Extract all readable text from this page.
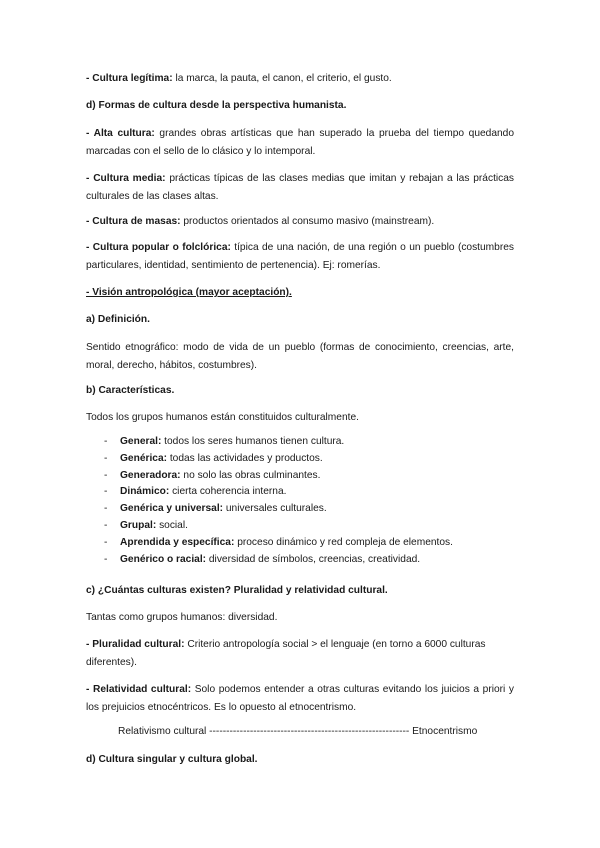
- Cultura legítima: la marca, la pauta, el canon, el criterio, el gusto.

d) Formas de cultura desde la perspectiva humanista.

- Alta cultura: grandes obras artísticas que han superado la prueba del tiempo quedando marcadas con el sello de lo clásico y lo intemporal.

- Cultura media: prácticas típicas de las clases medias que imitan y rebajan a las prácticas culturales de las clases altas.

- Cultura de masas: productos orientados al consumo masivo (mainstream).

- Cultura popular o folclórica: típica de una nación, de una región o un pueblo (costumbres particulares, identidad, sentimiento de pertenencia). Ej: romerías.

- Visión antropológica (mayor aceptación).

a) Definición.

Sentido etnográfico: modo de vida de un pueblo (formas de conocimiento, creencias, arte, moral, derecho, hábitos, costumbres).

b) Características.

Todos los grupos humanos están constituidos culturalmente.

-	General: todos los seres humanos tienen cultura.
-	Genérica: todas las actividades y productos.
-	Generadora: no solo las obras culminantes.
-	Dinámico: cierta coherencia interna.
-	Genérica y universal: universales culturales.
-	Grupal: social.
-	Aprendida y específica: proceso dinámico y red compleja de elementos.
-	Genérico o racial: diversidad de símbolos, creencias, creatividad.

c) ¿Cuántas culturas existen? Pluralidad y relatividad cultural.

Tantas como grupos humanos: diversidad.

- Pluralidad cultural: Criterio antropología social > el lenguaje (en torno a 6000 culturas diferentes).

- Relatividad cultural: Solo podemos entender a otras culturas evitando los juicios a priori y los prejuicios etnocéntricos. Es lo opuesto al etnocentrismo.

Relativismo cultural ----------------------------------------------------------- Etnocentrismo

d) Cultura singular y cultura global.
